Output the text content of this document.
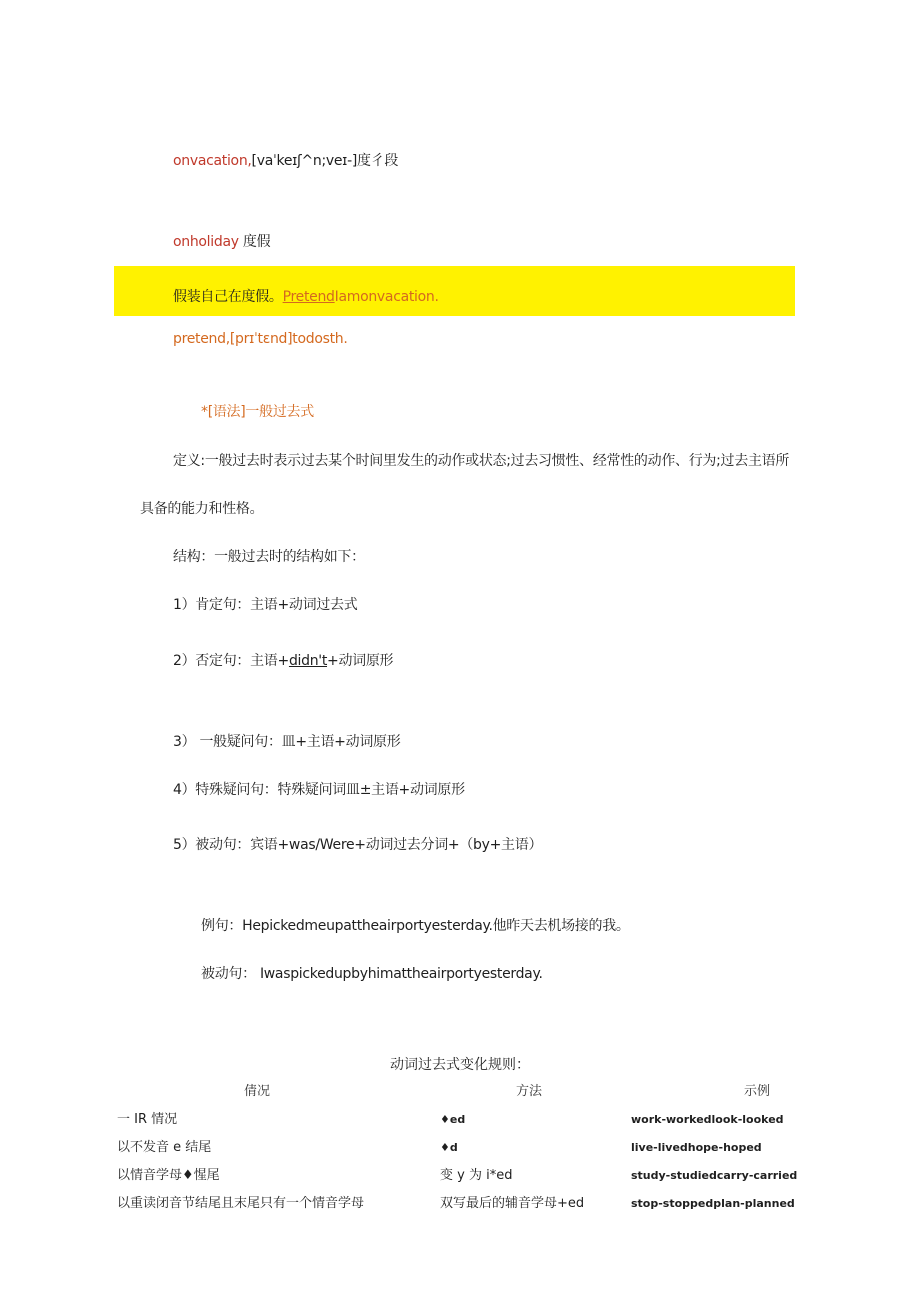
onvacation,[vaˈkeɪʃ^n;veɪ-]度彳段
onholiday 度假
假装自己在度假。PretendIamonvacation.
pretend,[prɪˈtɛnd]todosth.
*[语法]一般过去式
定义:一般过去时表示过去某个时间里发生的动作或状态;过去习惯性、经常性的动作、行为;过去主语所
具备的能力和性格。
结构：一般过去时的结构如下：
1）肯定句：主语+动词过去式
2）否定句：主语+didn't+动词原形
3） 一般疑问句：皿+主语+动词原形
4）特殊疑问句：特殊疑问词皿±主语+动词原形
5）被动句：宾语+was/Were+动词过去分词+（by+主语）
例句：Hepickedmeupattheairportyesterday.他昨天去机场接的我。
被动句： Iwaspickedupbyhimattheairportyesterday.
动词过去式变化规则：
倩况	方法	示例
一 IR 情况	♦ed	work-workedlook-looked
以不发音 e 结尾	♦d	live-livedhope-hoped
以情音学母♦惺尾	变 y 为 i*ed	study-studiedcarry-carried
以重读闭音节结尾且末尾只有一个情音学母	双写最后的辅音学母+ed	stop-stoppedplan-planned
